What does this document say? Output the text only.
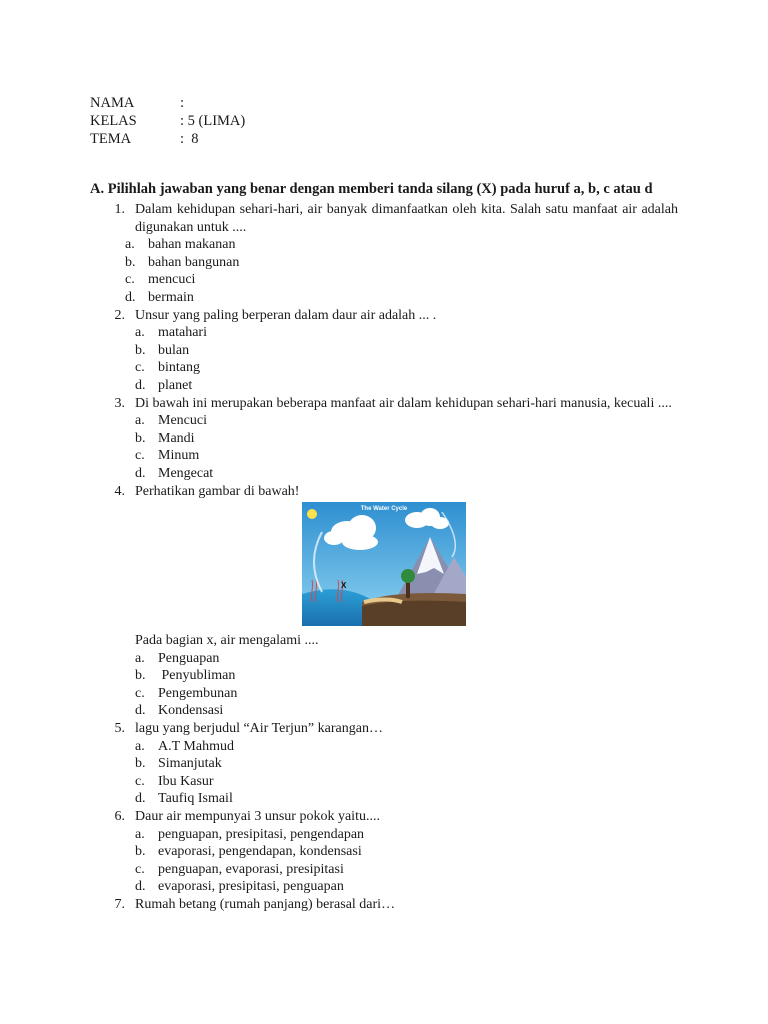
NAMA	:
KELAS	: 5 (LIMA)
TEMA	:  8
A. Pilihlah jawaban yang benar dengan memberi tanda silang (X) pada huruf a, b, c atau d
1. Dalam kehidupan sehari-hari, air banyak dimanfaatkan oleh kita. Salah satu manfaat air adalah digunakan untuk ....
a. bahan makanan
b. bahan bangunan
c. mencuci
d. bermain
2. Unsur yang paling berperan dalam daur air adalah ... .
a. matahari
b. bulan
c. bintang
d. planet
3. Di bawah ini merupakan beberapa manfaat air dalam kehidupan sehari-hari manusia, kecuali ....
a. Mencuci
b. Mandi
c. Minum
d. Mengecat
4. Perhatikan gambar di bawah!
The Water Cycle
X
Pada bagian x, air mengalami ....
a. Penguapan
b. Penyubliman
c. Pengembunan
d. Kondensasi
5. lagu yang berjudul “Air Terjun” karangan…
a. A.T Mahmud
b. Simanjutak
c. Ibu Kasur
d. Taufiq Ismail
6. Daur air mempunyai 3 unsur pokok yaitu....
a. penguapan, presipitasi, pengendapan
b. evaporasi, pengendapan, kondensasi
c. penguapan, evaporasi, presipitasi
d. evaporasi, presipitasi, penguapan
7. Rumah betang (rumah panjang) berasal dari…
